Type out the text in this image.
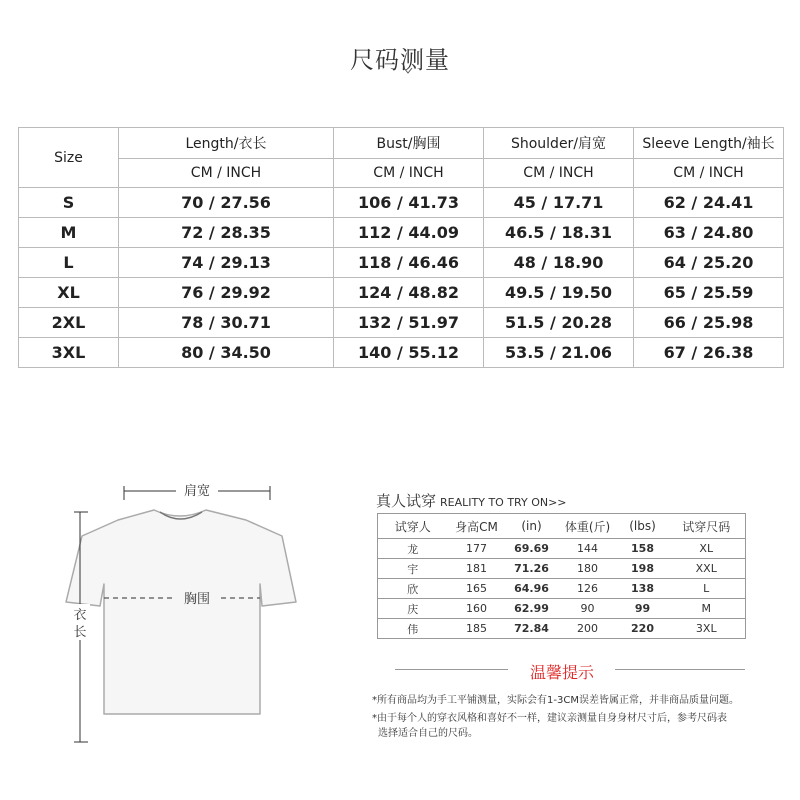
尺码测量
Size	Length/衣长	Bust/胸围	Shoulder/肩宽	Sleeve Length/袖长
	CM / INCH	CM / INCH	CM / INCH	CM / INCH
S	70 / 27.56	106 / 41.73	45 / 17.71	62 / 24.41
M	72 / 28.35	112 / 44.09	46.5 / 18.31	63 / 24.80
L	74 / 29.13	118 / 46.46	48 / 18.90	64 / 25.20
XL	76 / 29.92	124 / 48.82	49.5 / 19.50	65 / 25.59
2XL	78 / 30.71	132 / 51.97	51.5 / 20.28	66 / 25.98
3XL	80 / 34.50	140 / 55.12	53.5 / 21.06	67 / 26.38
肩宽
胸围
衣
长
真人试穿 REALITY TO TRY ON>>
试穿人	身高CM	(in)	体重(斤)	(lbs)	试穿尺码
龙	177	69.69	144	158	XL
宇	181	71.26	180	198	XXL
欣	165	64.96	126	138	L
庆	160	62.99	90	99	M
伟	185	72.84	200	220	3XL
温馨提示
*所有商品均为手工平铺测量，实际会有1-3CM误差皆属正常，并非商品质量问题。
*由于每个人的穿衣风格和喜好不一样，建议亲测量自身身材尺寸后，参考尺码表
选择适合自己的尺码。
